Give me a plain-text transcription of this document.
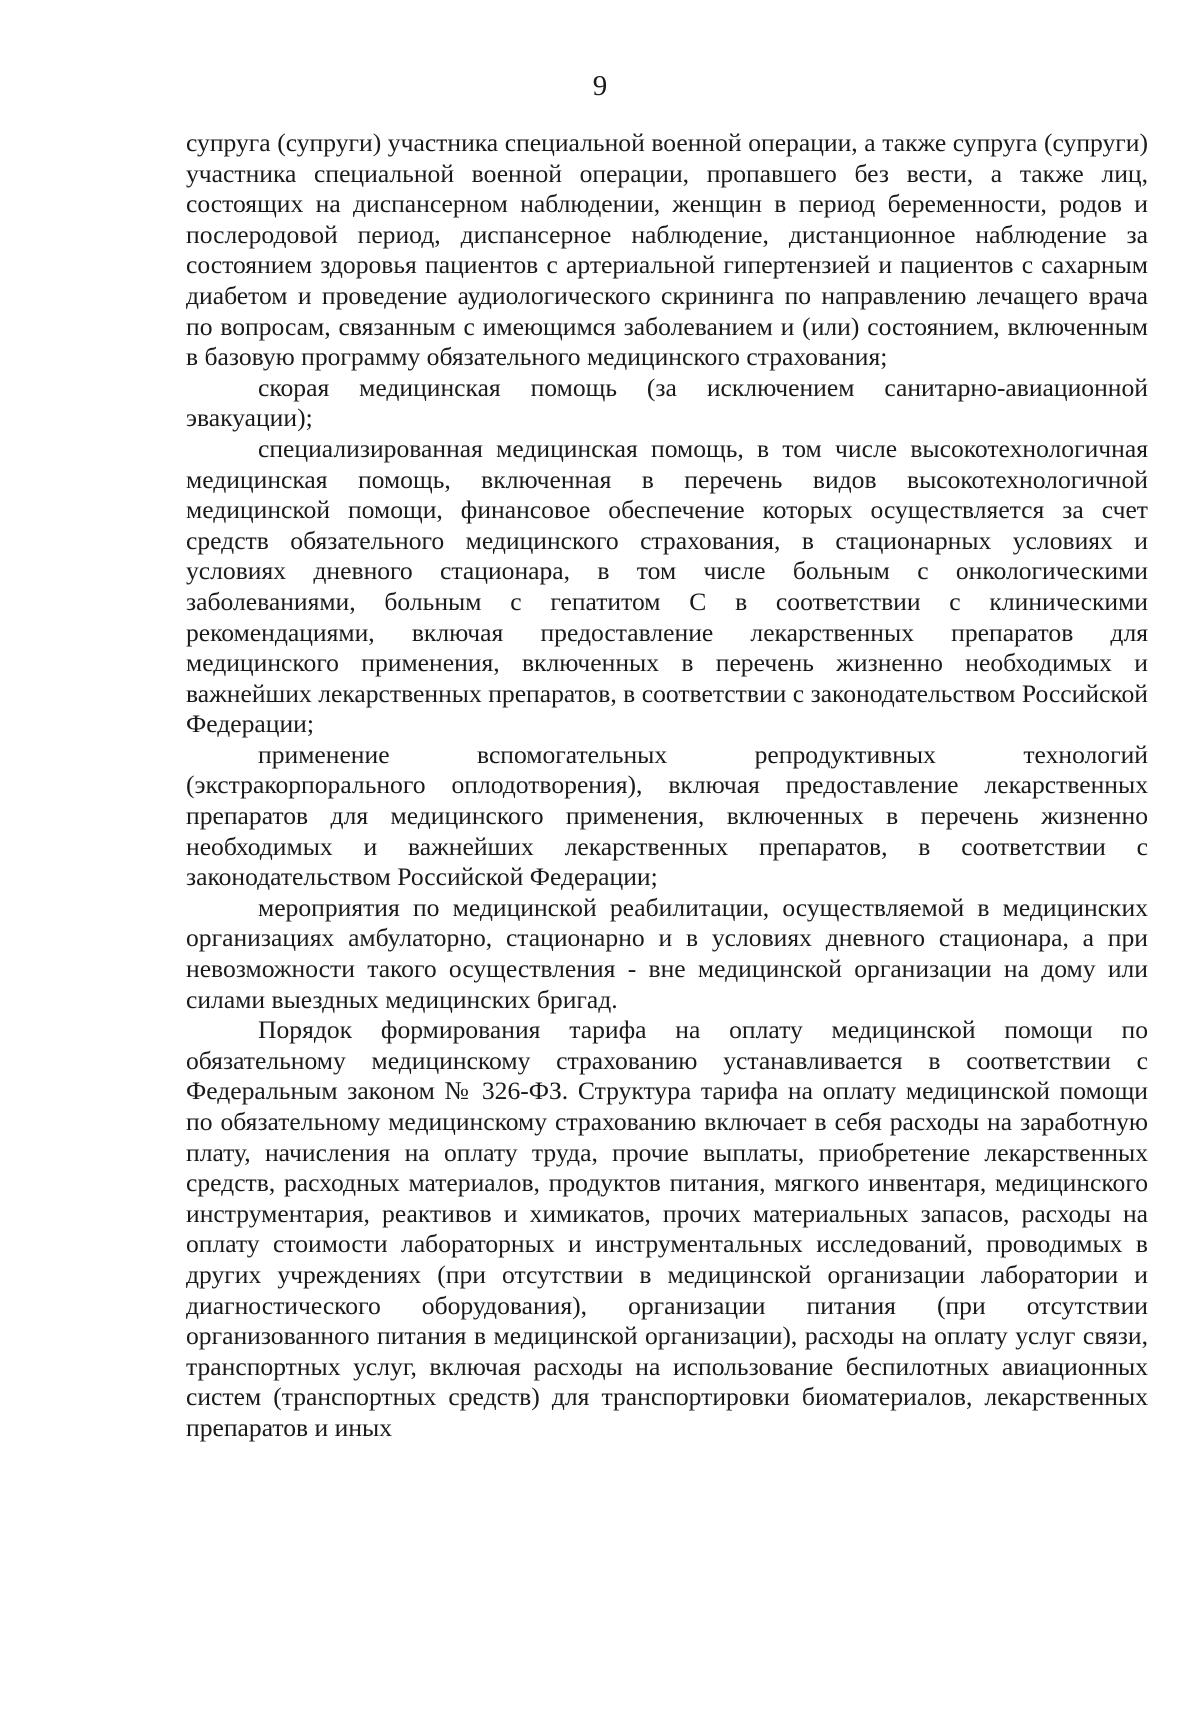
9

супруга (супруги) участника специальной военной операции, а также супруга (супруги) участника специальной военной операции, пропавшего без вести, а также лиц, состоящих на диспансерном наблюдении, женщин в период беременности, родов и послеродовой период, диспансерное наблюдение, дистанционное наблюдение за состоянием здоровья пациентов с артериальной гипертензией и пациентов с сахарным диабетом и проведение аудиологического скрининга по направлению лечащего врача по вопросам, связанным с имеющимся заболеванием и (или) состоянием, включенным в базовую программу обязательного медицинского страхования;

скорая медицинская помощь (за исключением санитарно-авиационной эвакуации);

специализированная медицинская помощь, в том числе высокотехнологичная медицинская помощь, включенная в перечень видов высокотехнологичной медицинской помощи, финансовое обеспечение которых осуществляется за счет средств обязательного медицинского страхования, в стационарных условиях и условиях дневного стационара, в том числе больным с онкологическими заболеваниями, больным с гепатитом С в соответствии с клиническими рекомендациями, включая предоставление лекарственных препаратов для медицинского применения, включенных в перечень жизненно необходимых и важнейших лекарственных препаратов, в соответствии с законодательством Российской Федерации;

применение вспомогательных репродуктивных технологий (экстракорпорального оплодотворения), включая предоставление лекарственных препаратов для медицинского применения, включенных в перечень жизненно необходимых и важнейших лекарственных препаратов, в соответствии с законодательством Российской Федерации;

мероприятия по медицинской реабилитации, осуществляемой в медицинских организациях амбулаторно, стационарно и в условиях дневного стационара, а при невозможности такого осуществления - вне медицинской организации на дому или силами выездных медицинских бригад.

Порядок формирования тарифа на оплату медицинской помощи по обязательному медицинскому страхованию устанавливается в соответствии с Федеральным законом № 326-ФЗ. Структура тарифа на оплату медицинской помощи по обязательному медицинскому страхованию включает в себя расходы на заработную плату, начисления на оплату труда, прочие выплаты, приобретение лекарственных средств, расходных материалов, продуктов питания, мягкого инвентаря, медицинского инструментария, реактивов и химикатов, прочих материальных запасов, расходы на оплату стоимости лабораторных и инструментальных исследований, проводимых в других учреждениях (при отсутствии в медицинской организации лаборатории и диагностического оборудования), организации питания (при отсутствии организованного питания в медицинской организации), расходы на оплату услуг связи, транспортных услуг, включая расходы на использование беспилотных авиационных систем (транспортных средств) для транспортировки биоматериалов, лекарственных препаратов и иных
